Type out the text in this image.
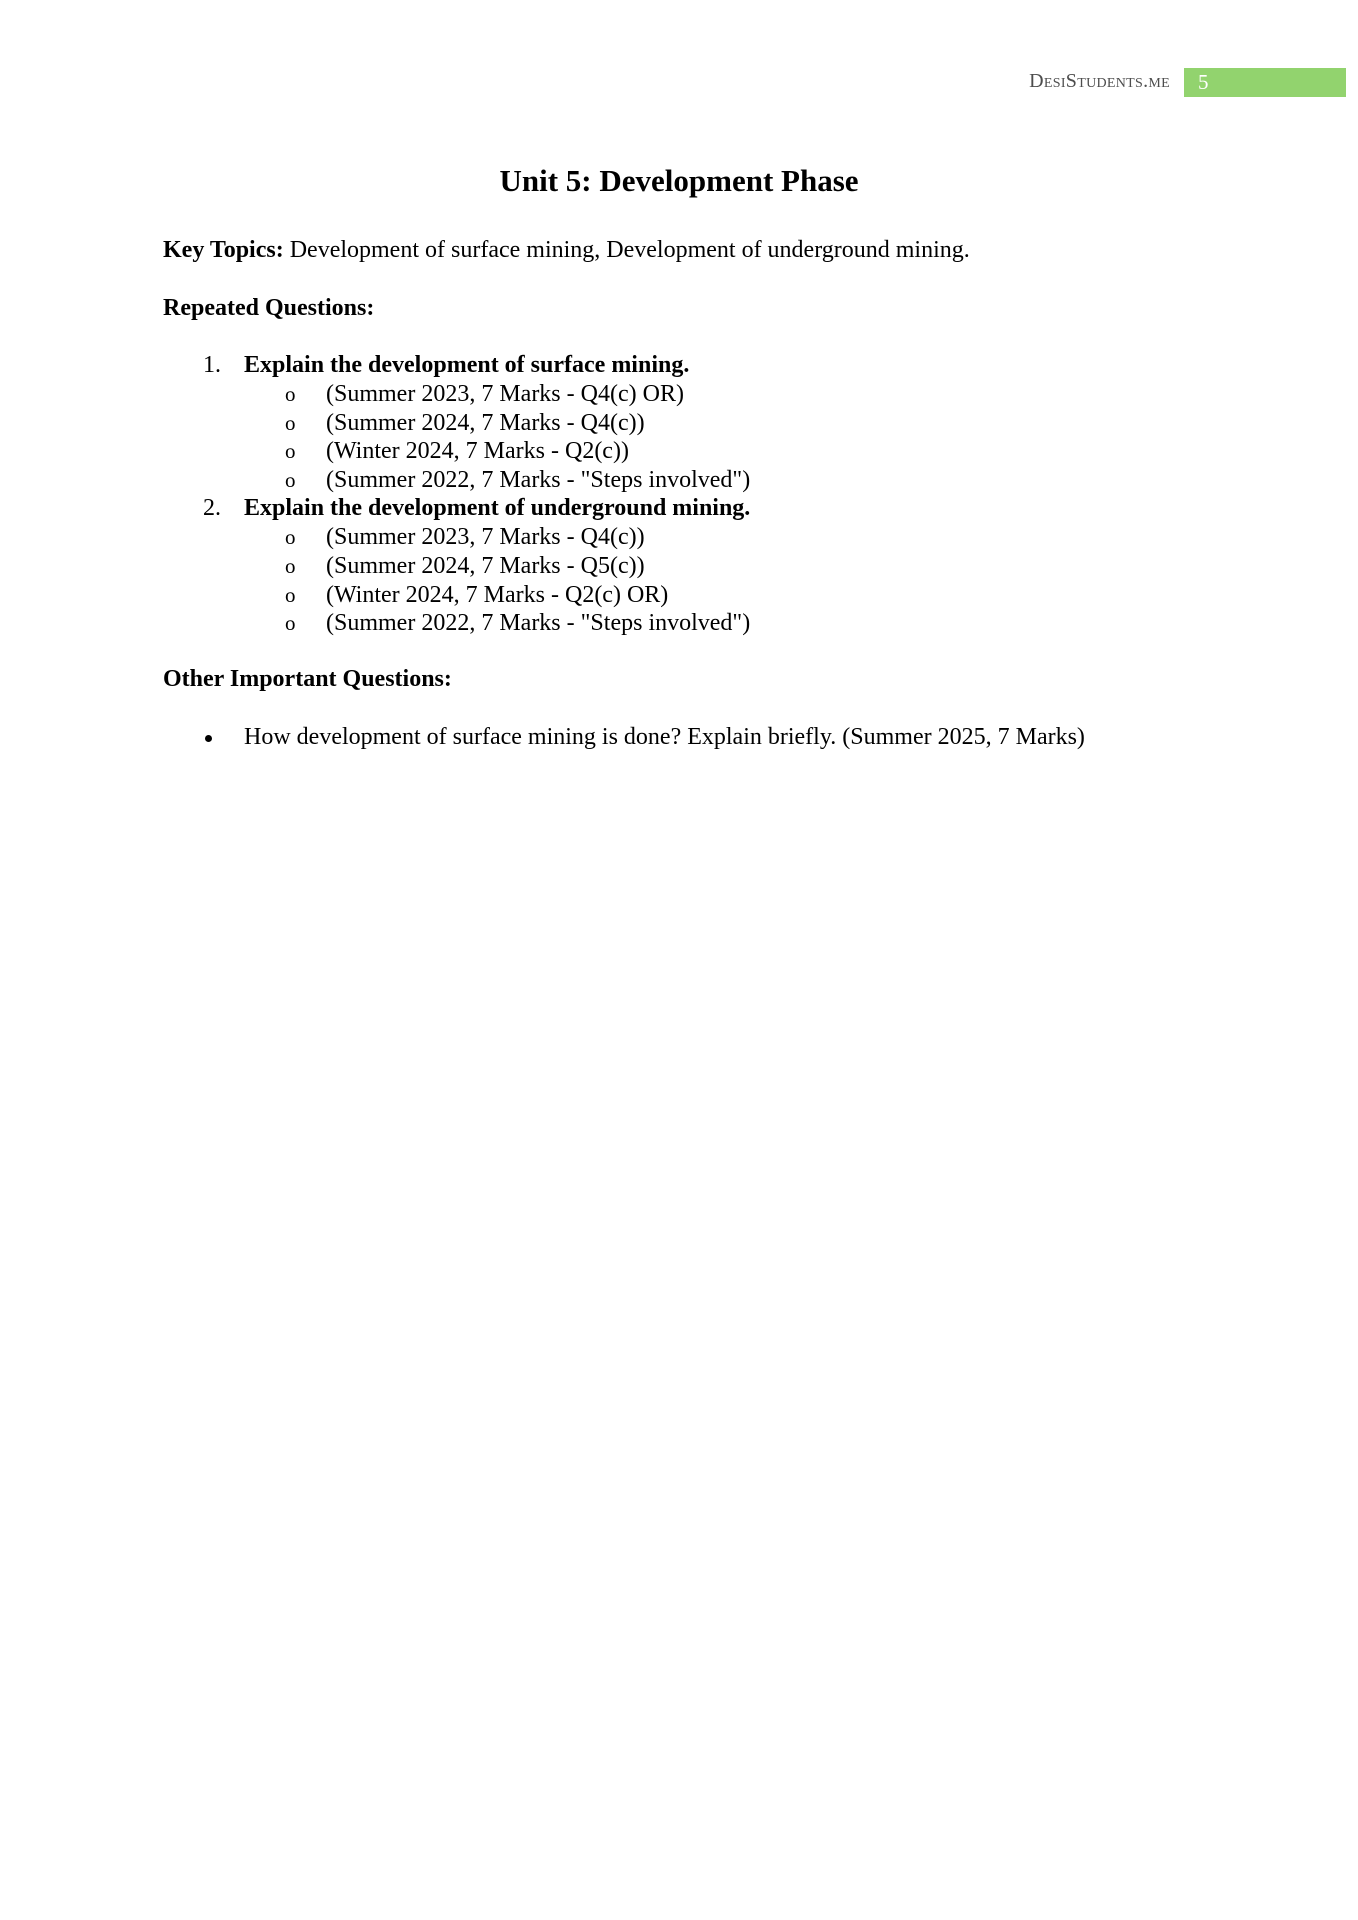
DesiStudents.me	5
Unit 5: Development Phase
Key Topics: Development of surface mining, Development of underground mining.
Repeated Questions:
1. Explain the development of surface mining.
o (Summer 2023, 7 Marks - Q4(c) OR)
o (Summer 2024, 7 Marks - Q4(c))
o (Winter 2024, 7 Marks - Q2(c))
o (Summer 2022, 7 Marks - "Steps involved")
2. Explain the development of underground mining.
o (Summer 2023, 7 Marks - Q4(c))
o (Summer 2024, 7 Marks - Q5(c))
o (Winter 2024, 7 Marks - Q2(c) OR)
o (Summer 2022, 7 Marks - "Steps involved")
Other Important Questions:
How development of surface mining is done? Explain briefly. (Summer 2025, 7 Marks)
